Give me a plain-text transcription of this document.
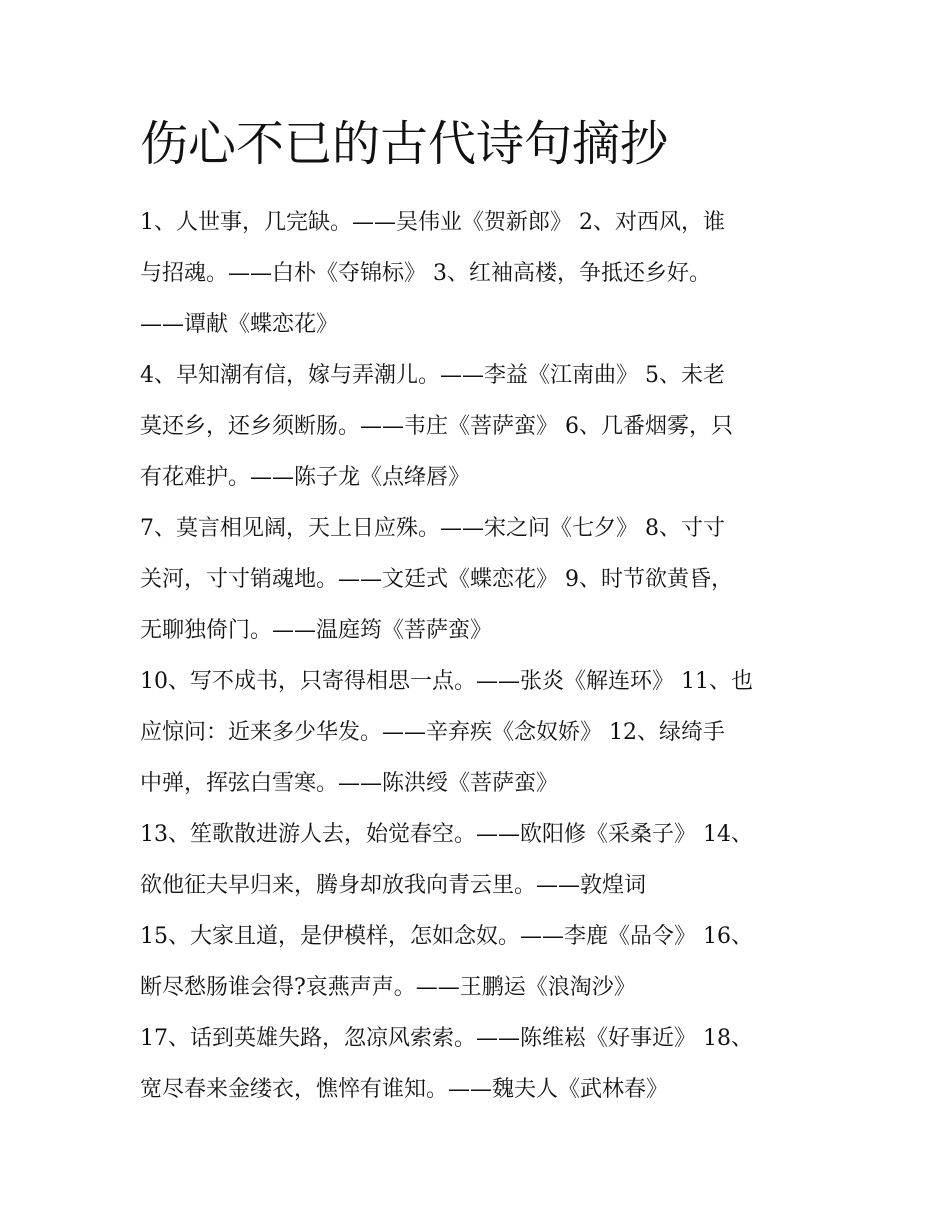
伤心不已的古代诗句摘抄
1、人世事，几完缺。——吴伟业《贺新郎》 2、对西风，谁
与招魂。——白朴《夺锦标》 3、红袖高楼，争抵还乡好。
——谭献《蝶恋花》
4、早知潮有信，嫁与弄潮儿。——李益《江南曲》 5、未老
莫还乡，还乡须断肠。——韦庄《菩萨蛮》 6、几番烟雾，只
有花难护。——陈子龙《点绛唇》
7、莫言相见阔，天上日应殊。——宋之问《七夕》 8、寸寸
关河，寸寸销魂地。——文廷式《蝶恋花》 9、时节欲黄昏，
无聊独倚门。——温庭筠《菩萨蛮》
10、写不成书，只寄得相思一点。——张炎《解连环》 11、也
应惊问：近来多少华发。——辛弃疾《念奴娇》 12、绿绮手
中弹，挥弦白雪寒。——陈洪绶《菩萨蛮》
13、笙歌散进游人去，始觉春空。——欧阳修《采桑子》 14、
欲他征夫早归来，腾身却放我向青云里。——敦煌词
15、大家且道，是伊模样，怎如念奴。——李鹿《品令》 16、
断尽愁肠谁会得?哀燕声声。——王鹏运《浪淘沙》
17、话到英雄失路，忽凉风索索。——陈维崧《好事近》 18、
宽尽春来金缕衣，憔悴有谁知。——魏夫人《武林春》
